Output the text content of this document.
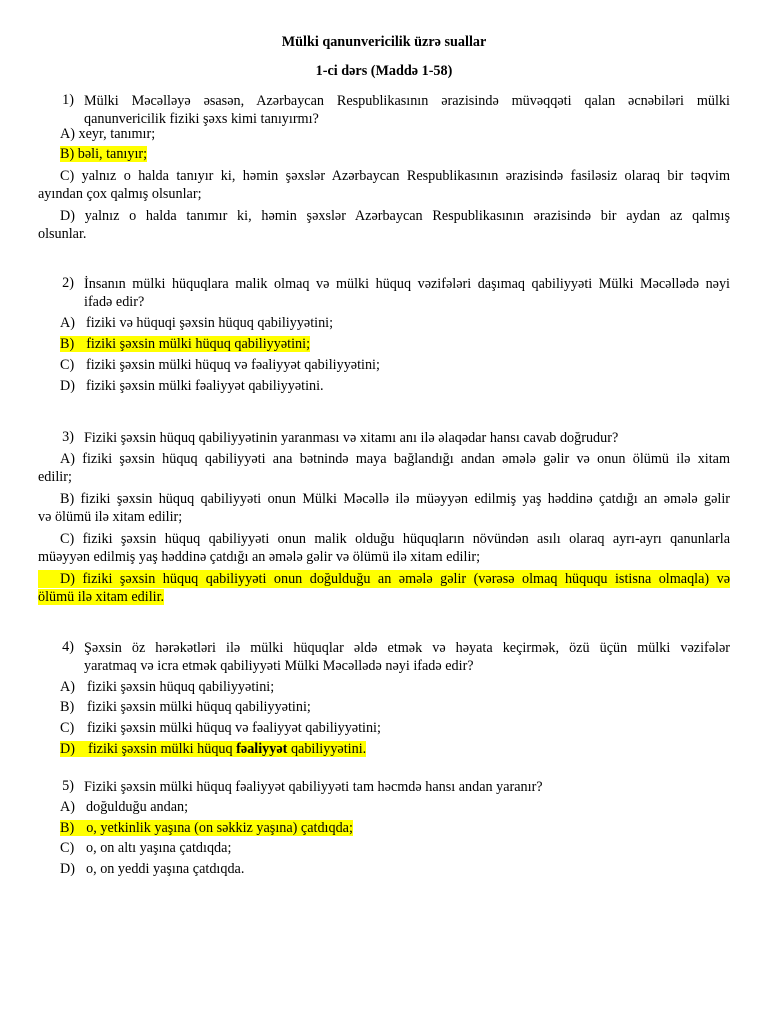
Mülki qanunvericilik üzrə suallar
1-ci dərs (Maddə 1-58)
1) Mülki Məcəlləyə əsasən, Azərbaycan Respublikasının ərazisində müvəqqəti qalan əcnəbiləri mülki
qanunvericilik fiziki şəxs kimi tanıyırmı?
A) xeyr, tanımır;
B) bəli, tanıyır;
C) yalnız o halda tanıyır ki, həmin şəxslər Azərbaycan Respublikasının ərazisində fasiləsiz olaraq bir təqvim
ayından çox qalmış olsunlar;
D) yalnız o halda tanımır ki, həmin şəxslər Azərbaycan Respublikasının ərazisində bir aydan az qalmış
olsunlar.
2) İnsanın mülki hüquqlara malik olmaq və mülki hüquq vəzifələri daşımaq qabiliyyəti Mülki Məcəllədə nəyi
ifadə edir?
A) fiziki və hüquqi şəxsin hüquq qabiliyyətini;
B) fiziki şəxsin mülki hüquq qabiliyyətini;
C) fiziki şəxsin mülki hüquq və fəaliyyət qabiliyyətini;
D) fiziki şəxsin mülki fəaliyyət qabiliyyətini.
3) Fiziki şəxsin hüquq qabiliyyətinin yaranması və xitamı anı ilə əlaqədar hansı cavab doğrudur?
A) fiziki şəxsin hüquq qabiliyyəti ana bətnində maya bağlandığı andan əmələ gəlir və onun ölümü ilə xitam
edilir;
B) fiziki şəxsin hüquq qabiliyyəti onun Mülki Məcəllə ilə müəyyən edilmiş yaş həddinə çatdığı an əmələ gəlir
və ölümü ilə xitam edilir;
C) fiziki şəxsin hüquq qabiliyyəti onun malik olduğu hüquqların növündən asılı olaraq ayrı-ayrı qanunlarla
müəyyən edilmiş yaş həddinə çatdığı an əmələ gəlir və ölümü ilə xitam edilir;
D) fiziki şəxsin hüquq qabiliyyəti onun doğulduğu an əmələ gəlir (vərəsə olmaq hüququ istisna olmaqla) və
ölümü ilə xitam edilir.
4) Şəxsin öz hərəkətləri ilə mülki hüquqlar əldə etmək və həyata keçirmək, özü üçün mülki vəzifələr
yaratmaq və icra etmək qabiliyyəti Mülki Məcəllədə nəyi ifadə edir?
A) fiziki şəxsin hüquq qabiliyyətini;
B) fiziki şəxsin mülki hüquq qabiliyyətini;
C) fiziki şəxsin mülki hüquq və fəaliyyət qabiliyyətini;
D) fiziki şəxsin mülki hüquq fəaliyyət qabiliyyətini.
5) Fiziki şəxsin mülki hüquq fəaliyyət qabiliyyəti tam həcmdə hansı andan yaranır?
A) doğulduğu andan;
B) o, yetkinlik yaşına (on səkkiz yaşına) çatdıqda;
C) o, on altı yaşına çatdıqda;
D) o, on yeddi yaşına çatdıqda.
